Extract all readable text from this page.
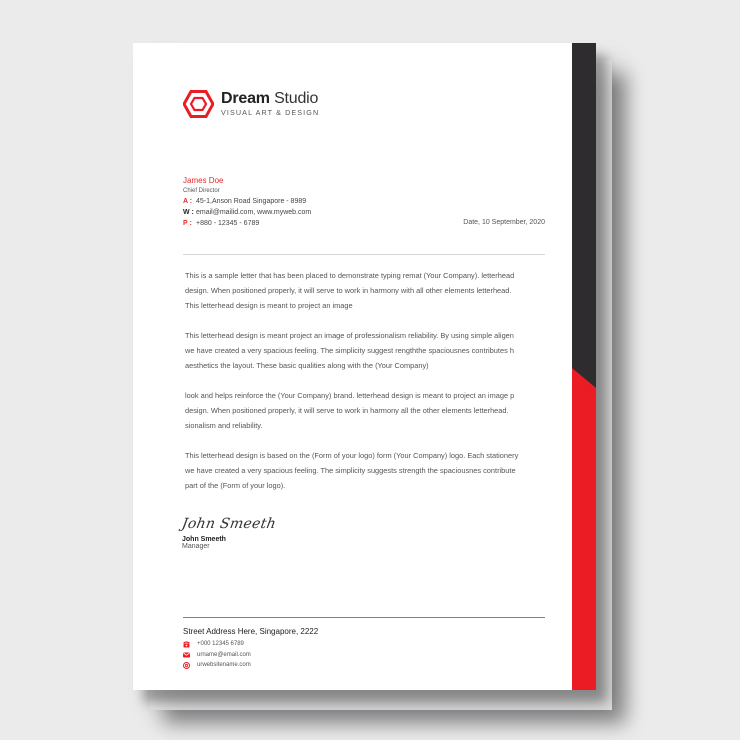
Dream Studio
VISUAL ART & DESIGN
James Doe
Chief Director
A : 45-1,Anson Road Singapore - 8989
W : email@mailid.com, www.myweb.com
P : +880 - 12345 - 6789	Date, 10 September, 2020

This is a sample letter that has been placed to demonstrate typing remat (Your Company). letterhead
design. When positioned properly, it will serve to work in harmony with all other elements letterhead.
This letterhead design is meant to project an image

This letterhead design is meant project an image of professionalism reliability. By using simple aligen
we have created a very spacious feeling. The simplicity suggest rengththe spaciousnes contributes h
aesthetics the layout. These basic qualities along with the (Your Company)

look and helps reinforce the (Your Company) brand. letterhead design is meant to project an image p
design. When positioned properly, it will serve to work in harmony all the other elements letterhead.
sionalism and reliability.

This letterhead design is based on the (Form of your logo) form (Your Company) logo. Each stationery
we have created a very spacious feeling. The simplicity suggests strength the spaciousnes contribute
part of the (Form of your logo).

John Smeeth
John Smeeth
Manager
Street Address Here, Singapore, 2222
+000 12345 6789
urname@email.com
urwebsitename.com
